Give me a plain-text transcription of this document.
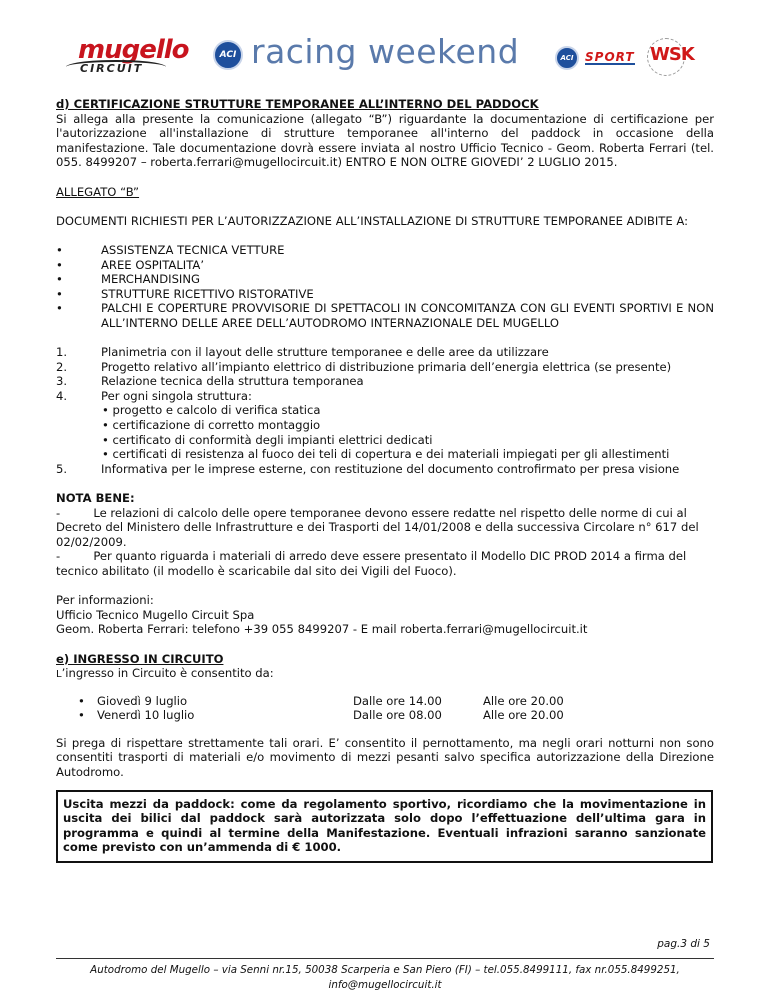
mugello
CIRCUIT
ACI racing weekend	ACI SPORT WSK

d) CERTIFICAZIONE STRUTTURE TEMPORANEE ALL’INTERNO DEL PADDOCK

Si allega alla presente la comunicazione (allegato “B”) riguardante la documentazione di certificazione per l'autorizzazione all'installazione di strutture temporanee all'interno del paddock in occasione della manifestazione. Tale documentazione dovrà essere inviata al nostro Ufficio Tecnico - Geom. Roberta Ferrari (tel. 055. 8499207 – roberta.ferrari@mugellocircuit.it) ENTRO E NON OLTRE GIOVEDI’ 2 LUGLIO 2015.

ALLEGATO “B”

DOCUMENTI RICHIESTI PER L’AUTORIZZAZIONE ALL’INSTALLAZIONE DI STRUTTURE TEMPORANEE ADIBITE A:

•	ASSISTENZA TECNICA VETTURE
•	AREE OSPITALITA’
•	MERCHANDISING
•	STRUTTURE RICETTIVO RISTORATIVE
•	PALCHI E COPERTURE PROVVISORIE DI SPETTACOLI IN CONCOMITANZA CON GLI EVENTI SPORTIVI E NON ALL’INTERNO DELLE AREE DELL’AUTODROMO INTERNAZIONALE DEL MUGELLO
1.	Planimetria con il layout delle strutture temporanee e delle aree da utilizzare
2.	Progetto relativo all’impianto elettrico di distribuzione primaria dell’energia elettrica (se presente)
3.	Relazione tecnica della struttura temporanea
4.	Per ogni singola struttura:
• progetto e calcolo di verifica statica
• certificazione di corretto montaggio
• certificato di conformità degli impianti elettrici dedicati
• certificati di resistenza al fuoco dei teli di copertura e dei materiali impiegati per gli allestimenti
5.	Informativa per le imprese esterne, con restituzione del documento controfirmato per presa visione

NOTA BENE:

-         Le relazioni di calcolo delle opere temporanee devono essere redatte nel rispetto delle norme di cui al Decreto del Ministero delle Infrastrutture e dei Trasporti del 14/01/2008 e della successiva Circolare n° 617 del 02/02/2009.

-         Per quanto riguarda i materiali di arredo deve essere presentato il Modello DIC PROD 2014 a firma del tecnico abilitato (il modello è scaricabile dal sito dei Vigili del Fuoco).

Per informazioni:

Ufficio Tecnico Mugello Circuit Spa

Geom. Roberta Ferrari: telefono +39 055 8499207 - E mail roberta.ferrari@mugellocircuit.it

e) INGRESSO IN CIRCUITO

L’ingresso in Circuito è consentito da:

• Giovedì 9 luglio	Dalle ore 14.00	Alle ore 20.00
• Venerdì 10 luglio	Dalle ore 08.00	Alle ore 20.00

Si prega di rispettare strettamente tali orari. E’ consentito il pernottamento, ma negli orari notturni non sono consentiti trasporti di materiali e/o movimento di mezzi pesanti salvo specifica autorizzazione della Direzione Autodromo.

Uscita mezzi da paddock: come da regolamento sportivo, ricordiamo che la movimentazione in uscita dei bilici dal paddock sarà autorizzata solo dopo l’effettuazione dell’ultima gara in programma e quindi al termine della Manifestazione. Eventuali infrazioni saranno sanzionate come previsto con un’ammenda di € 1000.
pag.3 di 5
Autodromo del Mugello – via Senni nr.15, 50038 Scarperia e San Piero (FI) – tel.055.8499111, fax nr.055.8499251, info@mugellocircuit.it
